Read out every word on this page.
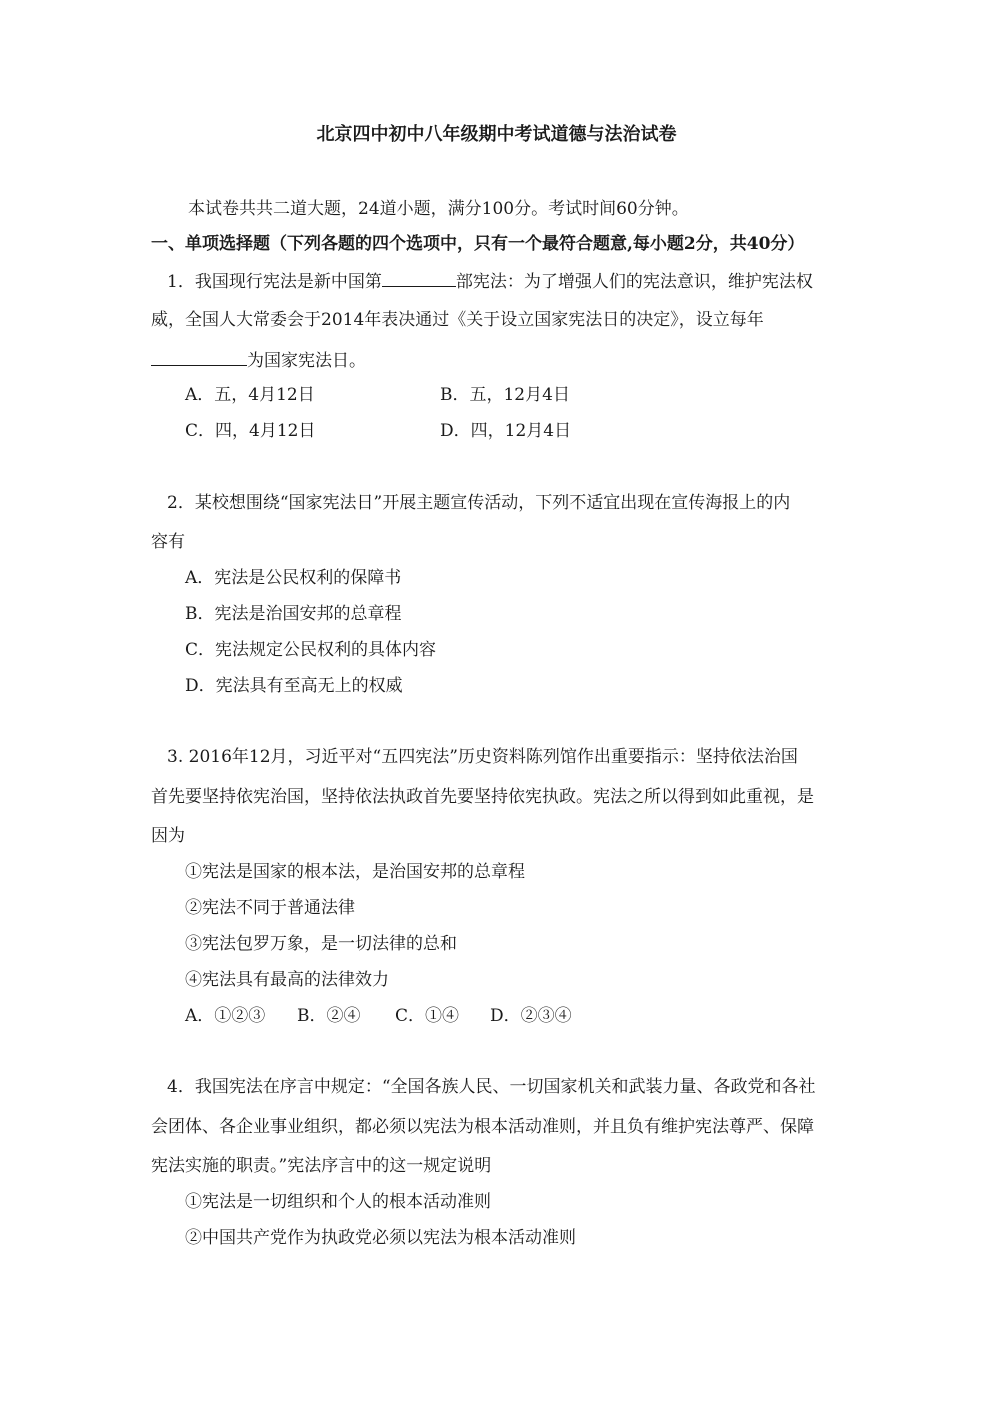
北京四中初中八年级期中考试道德与法治试卷
本试卷共共二道大题，24道小题，满分100分。考试时间60分钟。
一、单项选择题（下列各题的四个选项中，只有一个最符合题意,每小题2分，共40分）
1．我国现行宪法是新中国第	部宪法：为了增强人们的宪法意识，维护宪法权
威，全国人大常委会于2014年表决通过《关于设立国家宪法日的决定》，设立每年
为国家宪法日。
A．五，4月12日	B．五，12月4日
C．四，4月12日	D．四，12月4日
2．某校想围绕“国家宪法日”开展主题宣传活动，下列不适宜出现在宣传海报上的内
容有
A．宪法是公民权利的保障书
B．宪法是治国安邦的总章程
C．宪法规定公民权利的具体内容
D．宪法具有至高无上的权威
3. 2016年12月，习近平对“五四宪法”历史资料陈列馆作出重要指示：坚持依法治国
首先要坚持依宪治国，坚持依法执政首先要坚持依宪执政。宪法之所以得到如此重视，是
因为
①宪法是国家的根本法，是治国安邦的总章程
②宪法不同于普通法律
③宪法包罗万象，是一切法律的总和
④宪法具有最高的法律效力
A．①②③ B．②④ C．①④ D．②③④
4．我国宪法在序言中规定：“全国各族人民、一切国家机关和武装力量、各政党和各社
会团体、各企业事业组织，都必须以宪法为根本活动准则，并且负有维护宪法尊严、保障
宪法实施的职责。”宪法序言中的这一规定说明
①宪法是一切组织和个人的根本活动准则
②中国共产党作为执政党必须以宪法为根本活动准则
